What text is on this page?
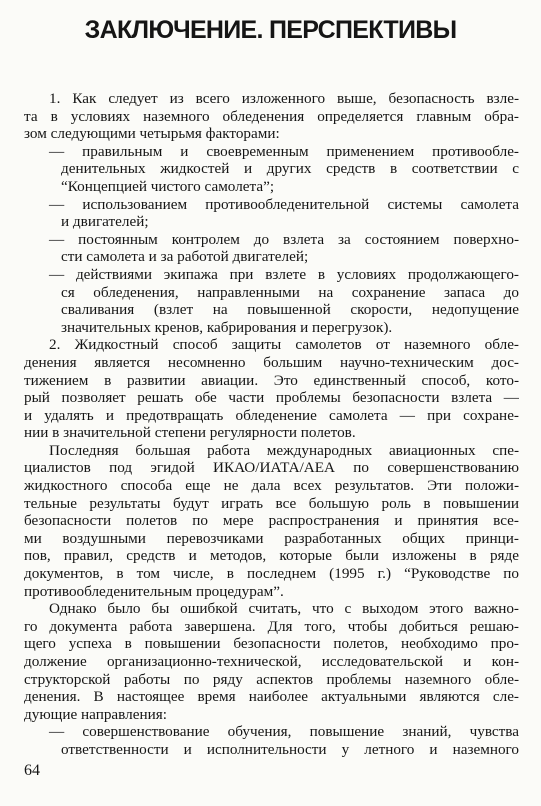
ЗАКЛЮЧЕНИЕ. ПЕРСПЕКТИВЫ
1. Как следует из всего изложенного выше, безопасность взле-
та в условиях наземного обледенения определяется главным обра-
зом следующими четырьмя факторами:
— правильным и своевременным применением противообле-
денительных жидкостей и других средств в соответствии с
“Концепцией чистого самолета”;
— использованием противообледенительной системы самолета
и двигателей;
— постоянным контролем до взлета за состоянием поверхно-
сти самолета и за работой двигателей;
— действиями экипажа при взлете в условиях продолжающего-
ся обледенения, направленными на сохранение запаса до
сваливания (взлет на повышенной скорости, недопущение
значительных кренов, кабрирования и перегрузок).
2. Жидкостный способ защиты самолетов от наземного обле-
денения является несомненно большим научно-техническим дос-
тижением в развитии авиации. Это единственный способ, кото-
рый позволяет решать обе части проблемы безопасности взлета —
и удалять и предотвращать обледенение самолета — при сохране-
нии в значительной степени регулярности полетов.
Последняя большая работа международных авиационных спе-
циалистов под эгидой ИКАО/ИАТА/АЕА по совершенствованию
жидкостного способа еще не дала всех результатов. Эти положи-
тельные результаты будут играть все большую роль в повышении
безопасности полетов по мере распространения и принятия все-
ми воздушными перевозчиками разработанных общих принци-
пов, правил, средств и методов, которые были изложены в ряде
документов, в том числе, в последнем (1995 г.) “Руководстве по
противообледенительным процедурам”.
Однако было бы ошибкой считать, что с выходом этого важно-
го документа работа завершена. Для того, чтобы добиться решаю-
щего успеха в повышении безопасности полетов, необходимо про-
должение организационно-технической, исследовательской и кон-
структорской работы по ряду аспектов проблемы наземного обле-
денения. В настоящее время наиболее актуальными являются сле-
дующие направления:
— совершенствование обучения, повышение знаний, чувства
ответственности и исполнительности у летного и наземного
64
